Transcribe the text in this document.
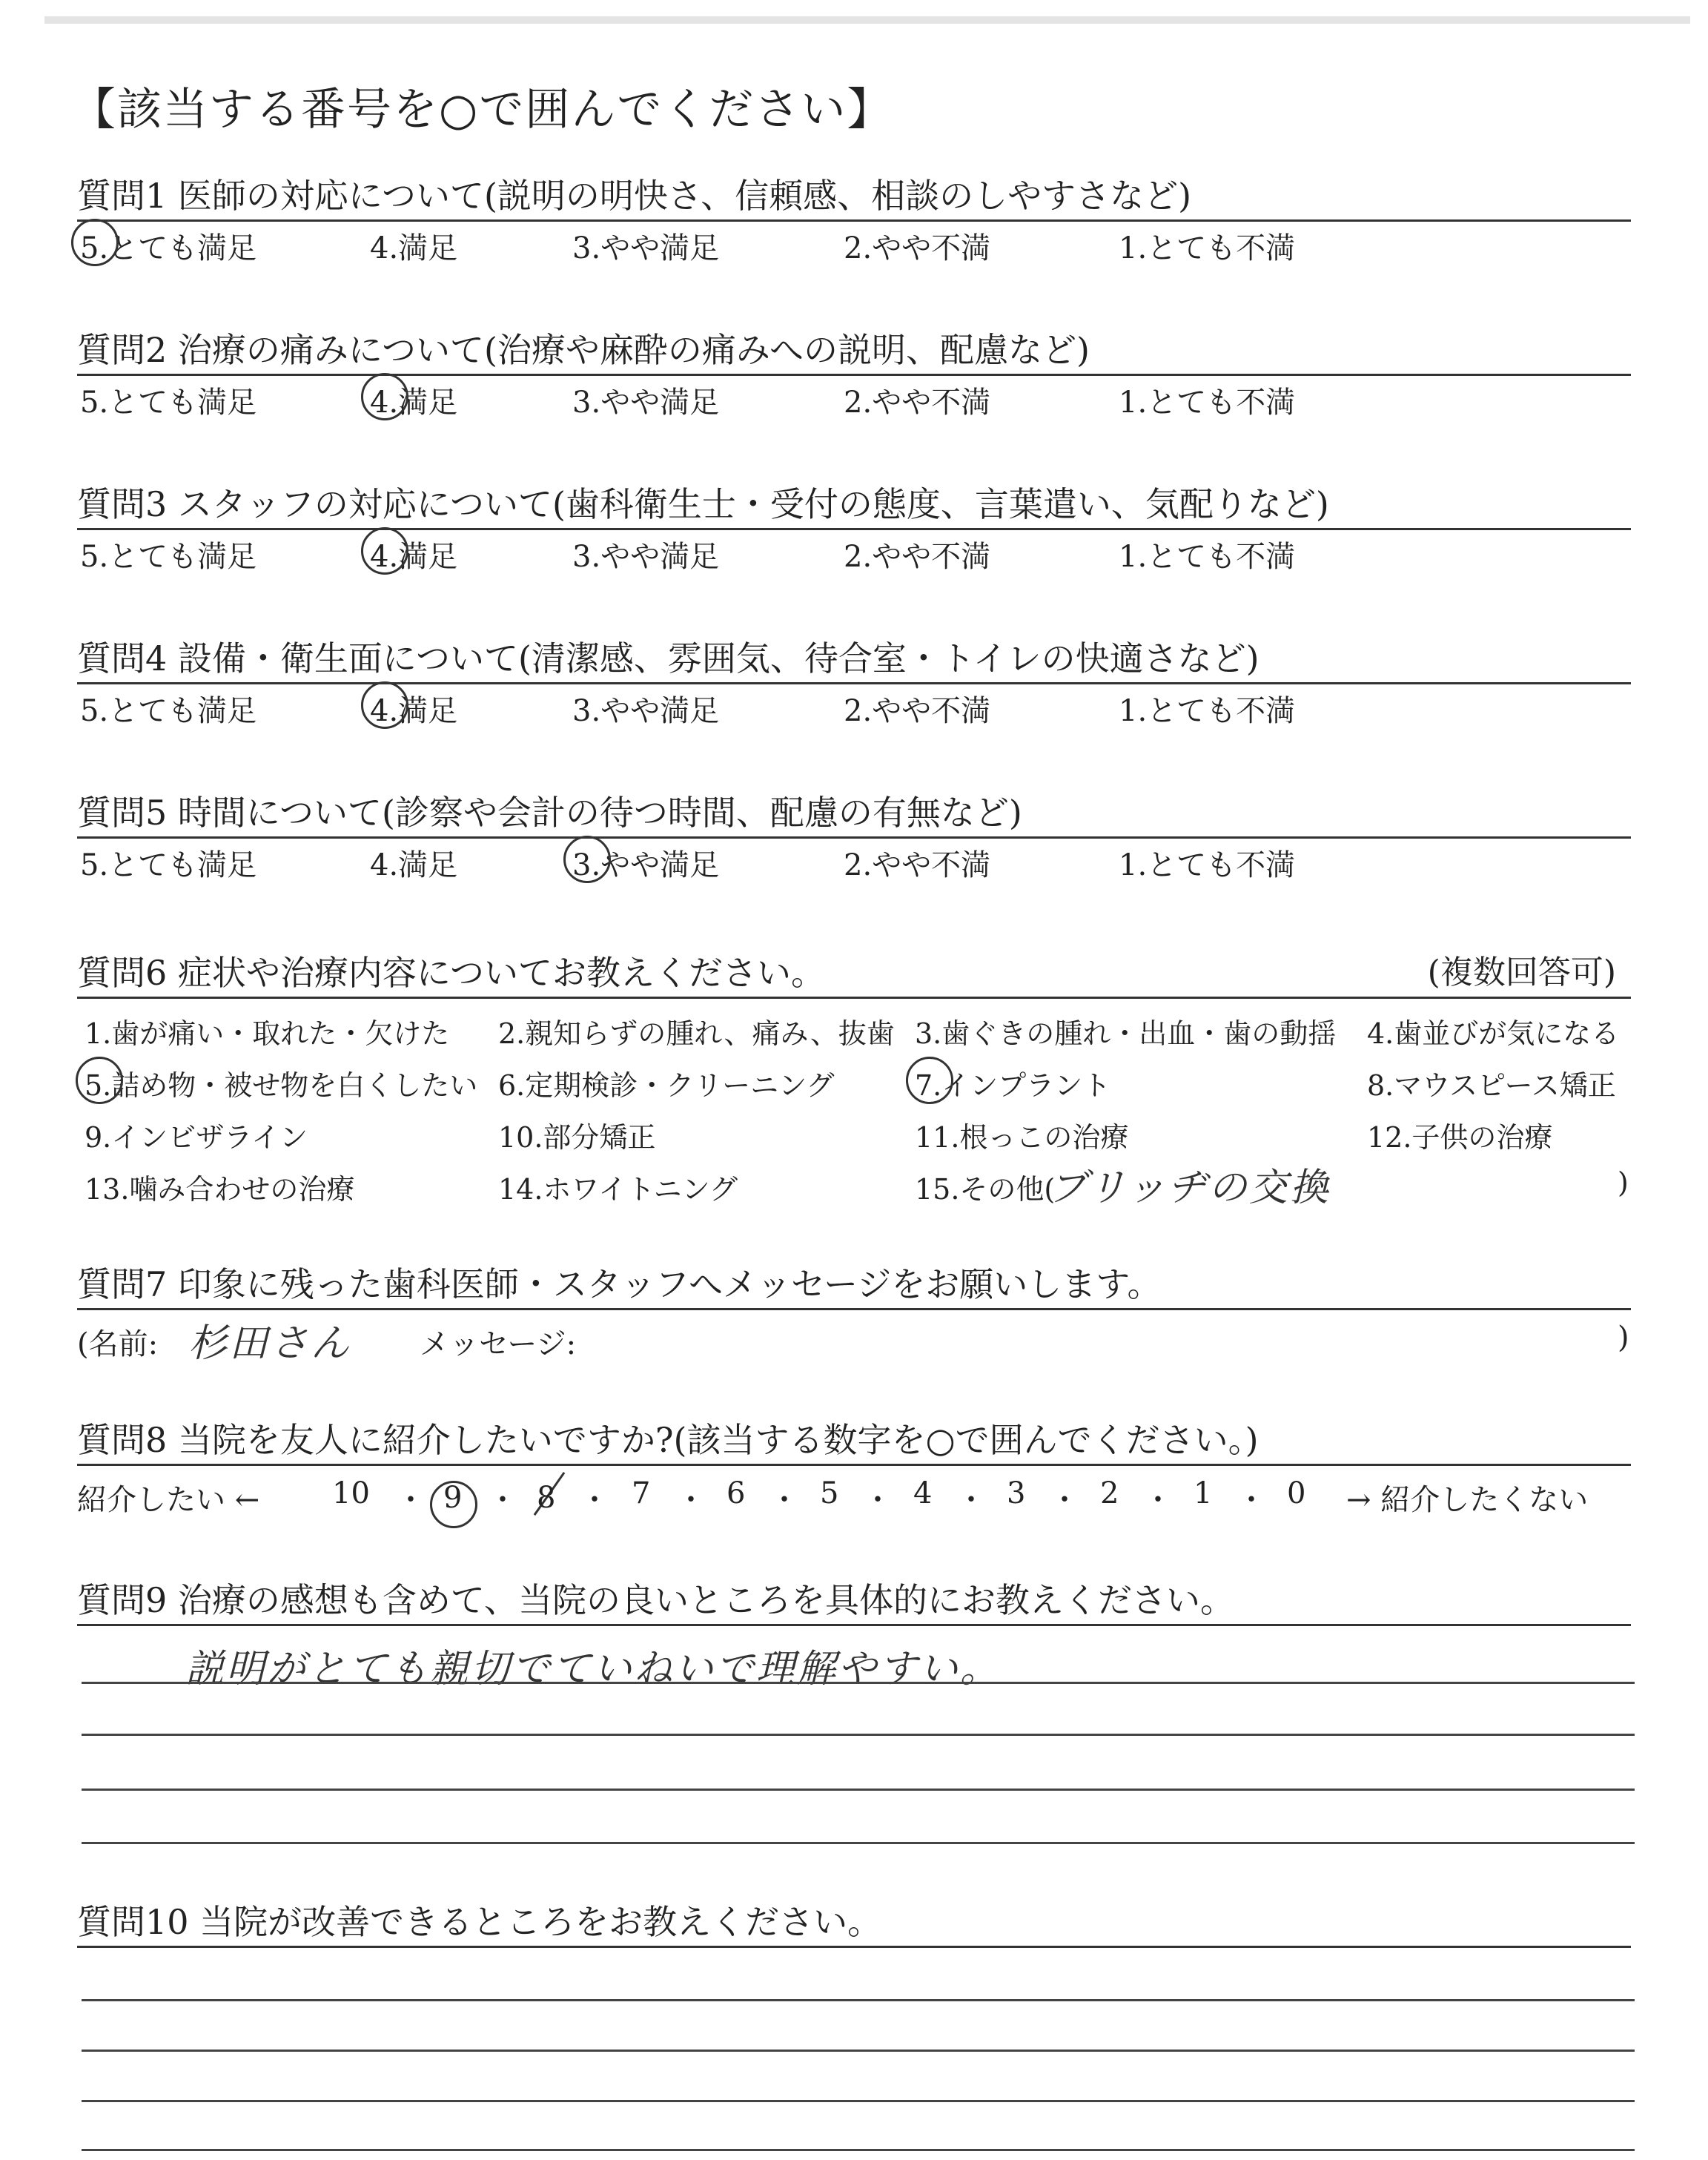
【該当する番号を○で囲んでください】
質問1 医師の対応について(説明の明快さ、信頼感、相談のしやすさなど)
5.とても満足	4.満足	3.やや満足	2.やや不満	1.とても不満
質問2 治療の痛みについて(治療や麻酔の痛みへの説明、配慮など)
5.とても満足	4.満足	3.やや満足	2.やや不満	1.とても不満
質問3 スタッフの対応について(歯科衛生士・受付の態度、言葉遣い、気配りなど)
5.とても満足	4.満足	3.やや満足	2.やや不満	1.とても不満
質問4 設備・衛生面について(清潔感、雰囲気、待合室・トイレの快適さなど)
5.とても満足	4.満足	3.やや満足	2.やや不満	1.とても不満
質問5 時間について(診察や会計の待つ時間、配慮の有無など)
5.とても満足	4.満足	3.やや満足	2.やや不満	1.とても不満
質問6 症状や治療内容についてお教えください。	(複数回答可)
1.歯が痛い・取れた・欠けた 2.親知らずの腫れ、痛み、抜歯 3.歯ぐきの腫れ・出血・歯の動揺 4.歯並びが気になる
5.詰め物・被せ物を白くしたい 6.定期検診・クリーニング	7.インプラント	8.マウスピース矯正
9.インビザライン	10.部分矯正	11.根っこの治療	12.子供の治療
13.噛み合わせの治療	14.ホワイトニング	15.その他(
ブリッヂの交換	)
質問7 印象に残った歯科医師・スタッフへメッセージをお願いします。
(名前: 杉田さん メッセージ:	)
質問8 当院を友人に紹介したいですか?(該当する数字を○で囲んでください。)
紹介したい ← 10 ・ 9 ・ 8 ・ 7 ・ 6 ・ 5 ・ 4 ・ 3 ・ 2 ・ 1 ・ 0 → 紹介したくない
質問9 治療の感想も含めて、当院の良いところを具体的にお教えください。
説明がとても親切でていねいで理解やすい。
質問10 当院が改善できるところをお教えください。
